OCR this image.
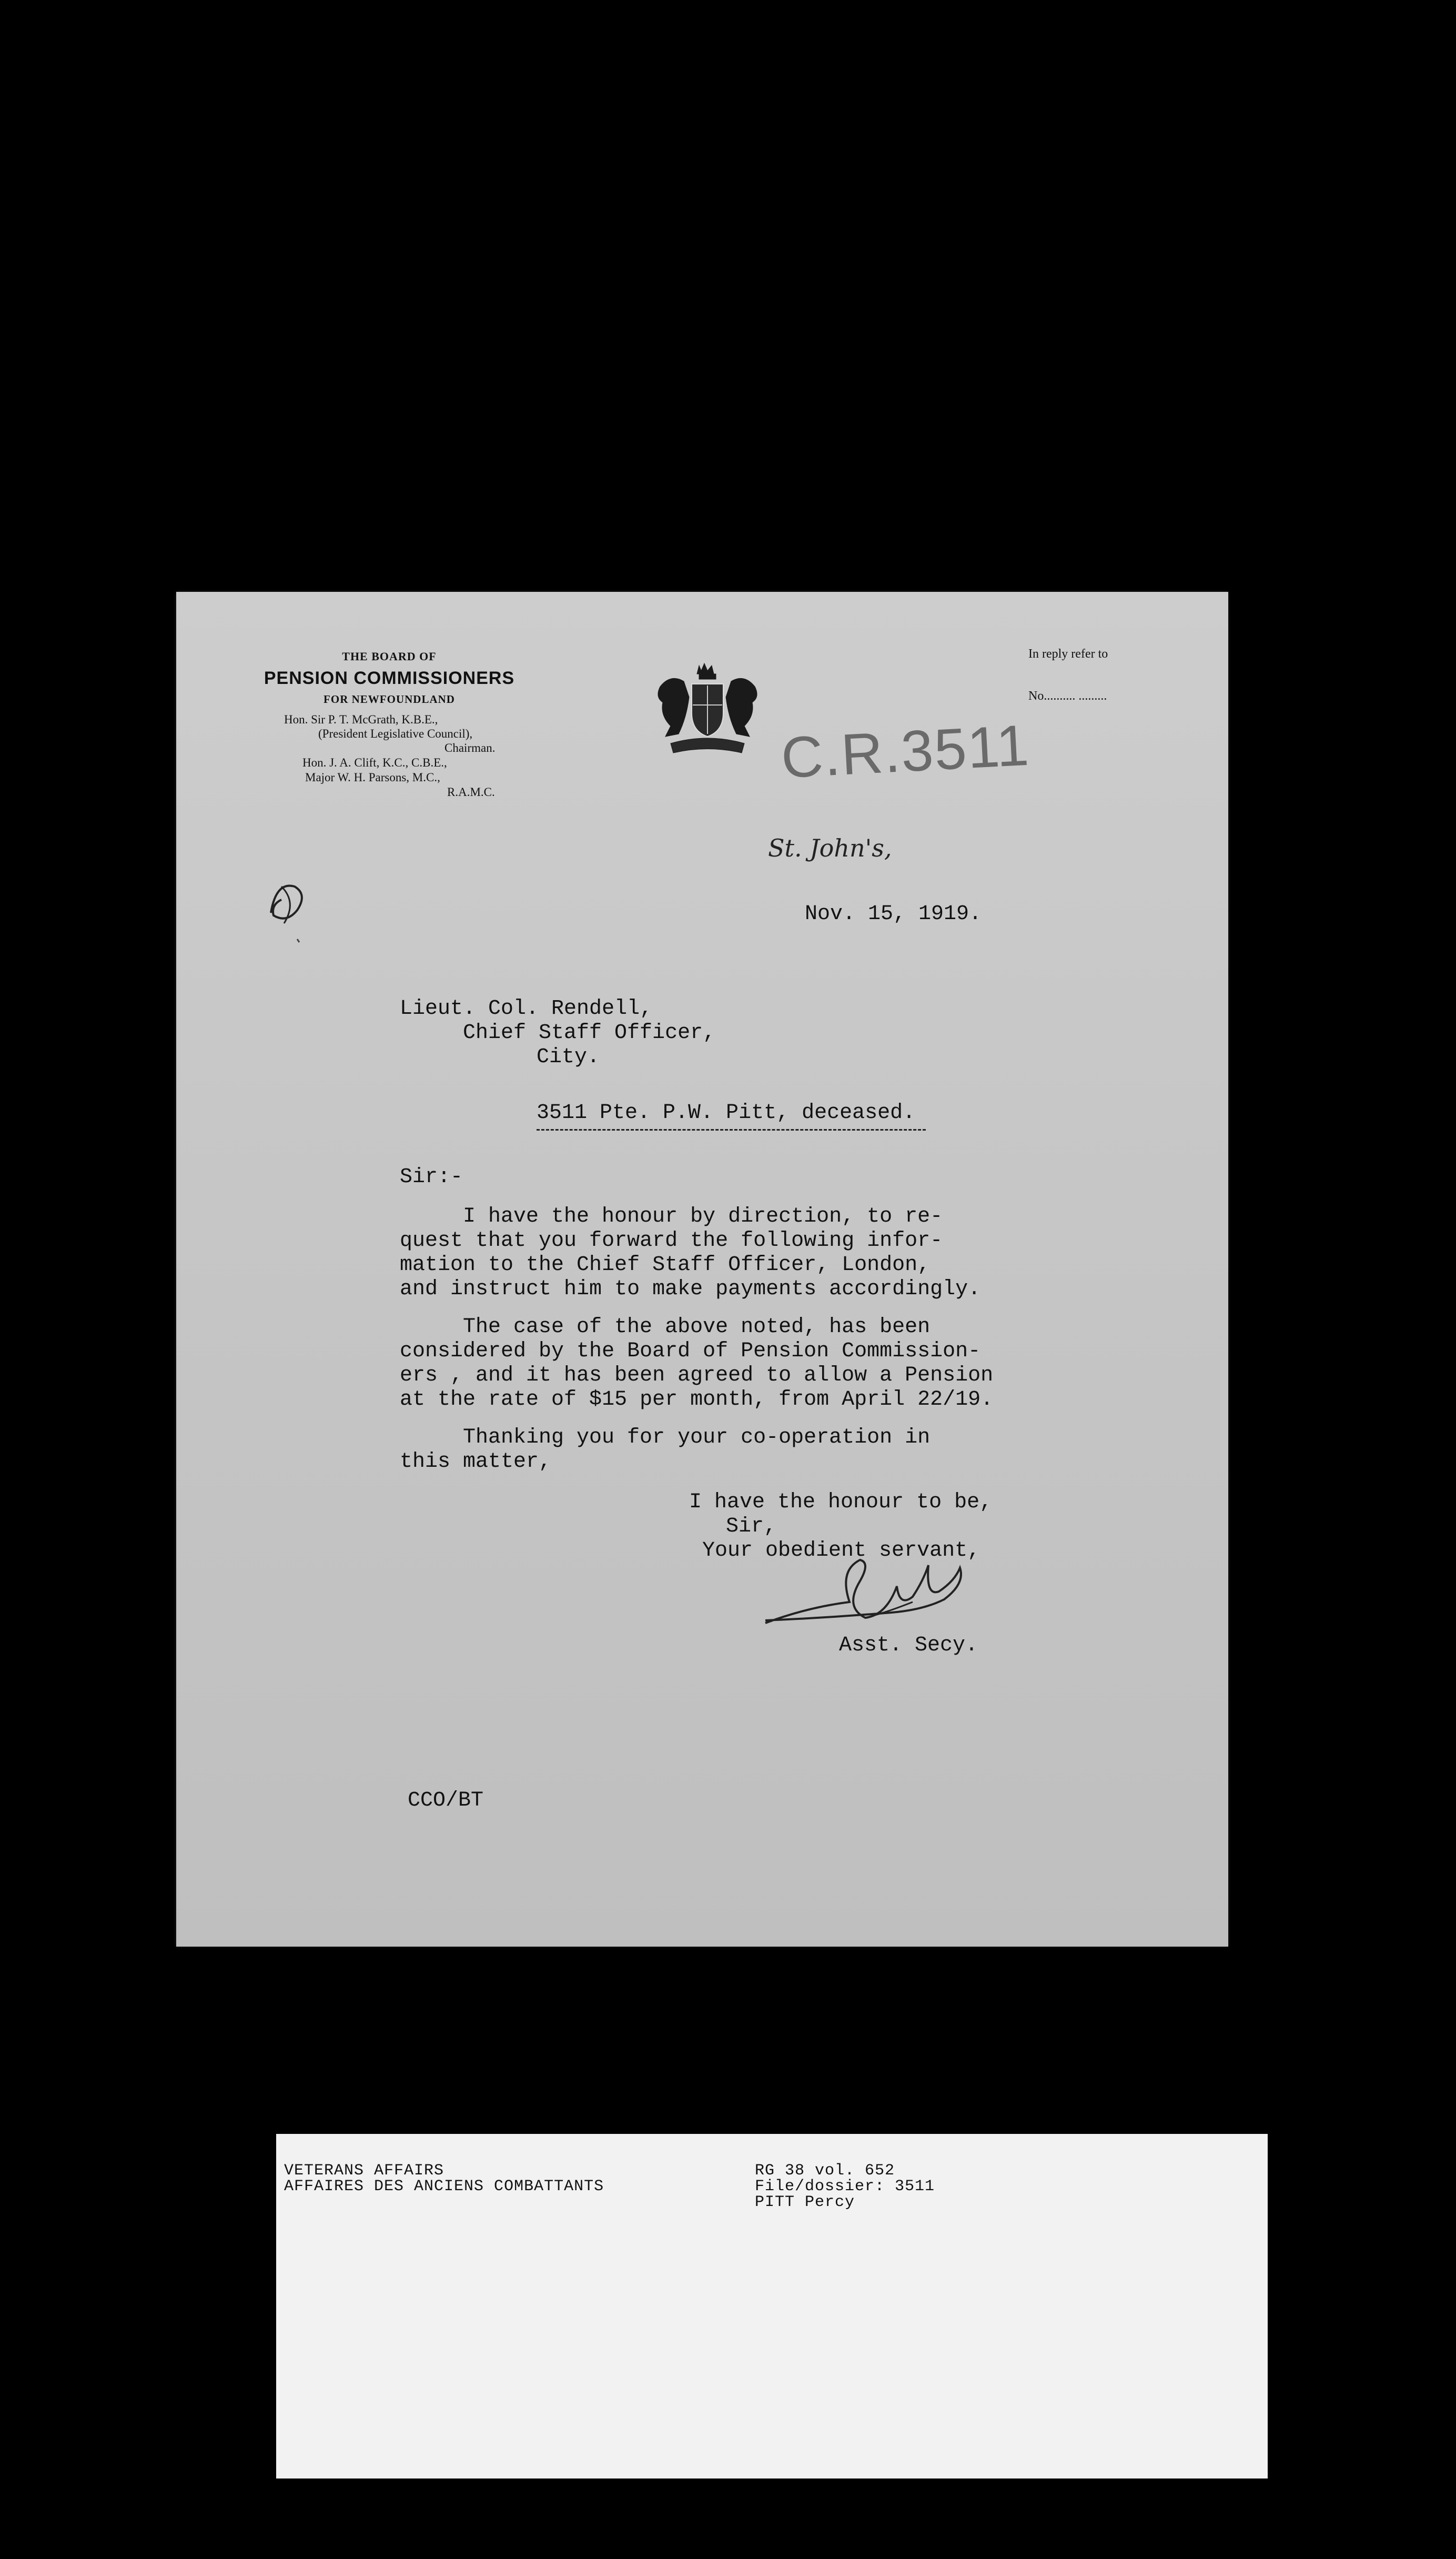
THE BOARD OF
PENSION COMMISSIONERS
FOR NEWFOUNDLAND
Hon. Sir P. T. McGrath, K.B.E.,
(President Legislative Council),
Chairman.
Hon. J. A. Clift, K.C., C.B.E.,
Major W. H. Parsons, M.C.,
R.A.M.C.
In reply refer to
No.......... .........
C.R.3511
St. John's,
Nov. 15, 1919.
Lieut. Col. Rendell,
Chief Staff Officer,
City.
3511 Pte. P.W. Pitt, deceased.
Sir:-
I have the honour by direction, to re-
quest that you forward the following infor-
mation to the Chief Staff Officer, London,
and instruct him to make payments accordingly.
The case of the above noted, has been
considered by the Board of Pension Commission-
ers , and it has been agreed to allow a Pension
at the rate of $15 per month, from April 22/19.
Thanking you for your co-operation in
this matter,
I have the honour to be,
Sir,
Your obedient servant,
Asst. Secy.
CCO/BT
VETERANS AFFAIRS
AFFAIRES DES ANCIENS COMBATTANTS
RG 38 vol. 652
File/dossier: 3511
PITT Percy
